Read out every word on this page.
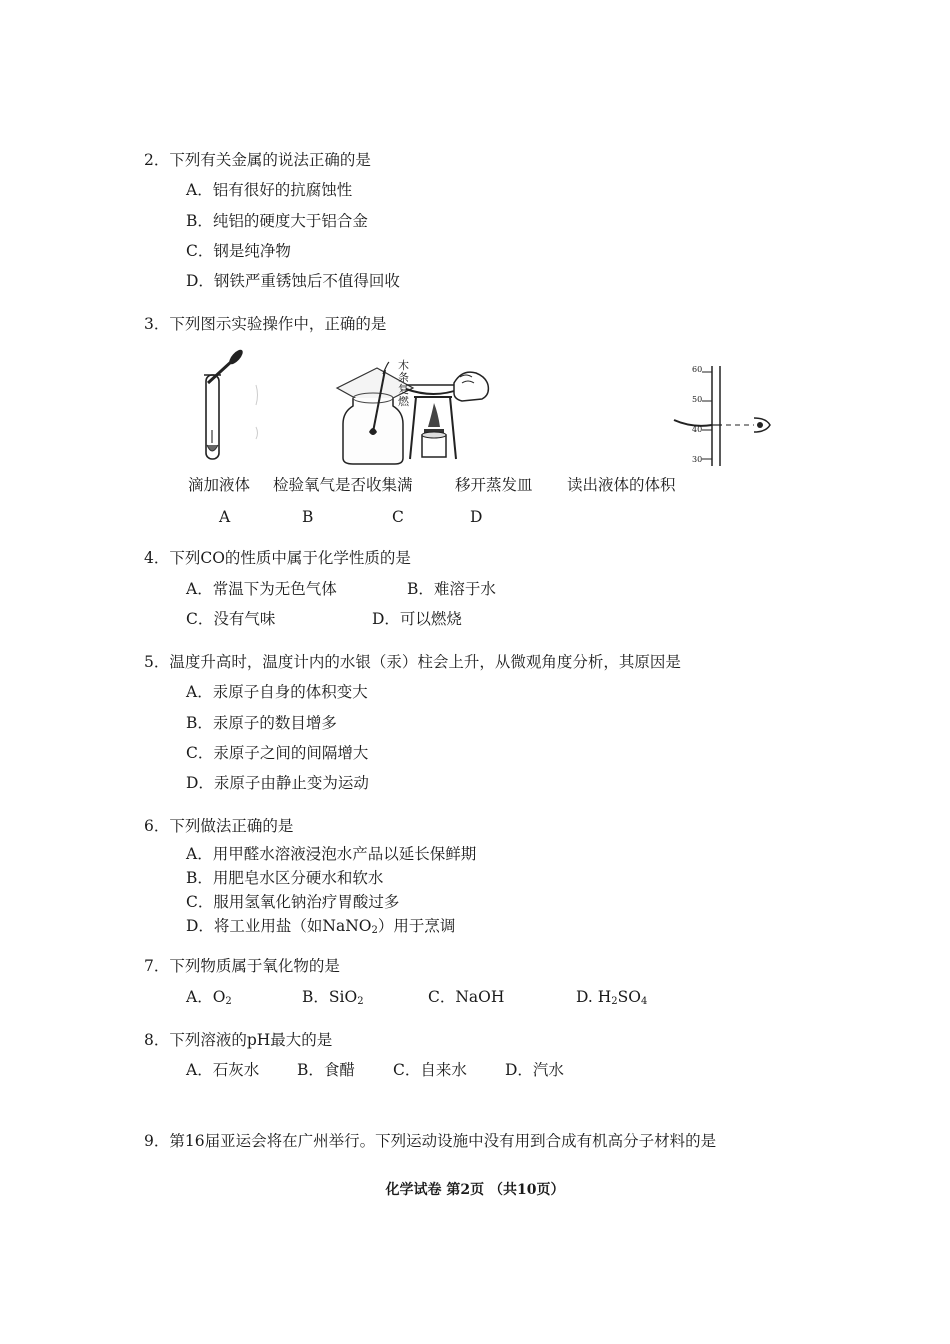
2．下列有关金属的说法正确的是
A．铝有很好的抗腐蚀性
B．纯铝的硬度大于铝合金
C．钢是纯净物
D．钢铁严重锈蚀后不值得回收
3．下列图示实验操作中，正确的是
木条复燃
60
50
40
30
滴加液体 检验氧气是否收集满	移开蒸发皿 读出液体的体积
A	B	C	D
4．下列CO的性质中属于化学性质的是
A．常温下为无色气体	B．难溶于水
C．没有气味	D．可以燃烧
5．温度升高时，温度计内的水银（汞）柱会上升，从微观角度分析，其原因是
A．汞原子自身的体积变大
B．汞原子的数目增多
C．汞原子之间的间隔增大
D．汞原子由静止变为运动
6．下列做法正确的是
A．用甲醛水溶液浸泡水产品以延长保鲜期
B．用肥皂水区分硬水和软水
C．服用氢氧化钠治疗胃酸过多
D．将工业用盐（如NaNO$_2$）用于烹调
7．下列物质属于氧化物的是
A．$O_2$	B．SiO$_2$	C．NaOH	D. $H_2SO_4$
8．下列溶液的pH最大的是
A．石灰水 B．食醋 C．自来水 D．汽水
9．第16届亚运会将在广州举行。下列运动设施中没有用到合成有机高分子材料的是
化学试卷 第2页 （共10页）
